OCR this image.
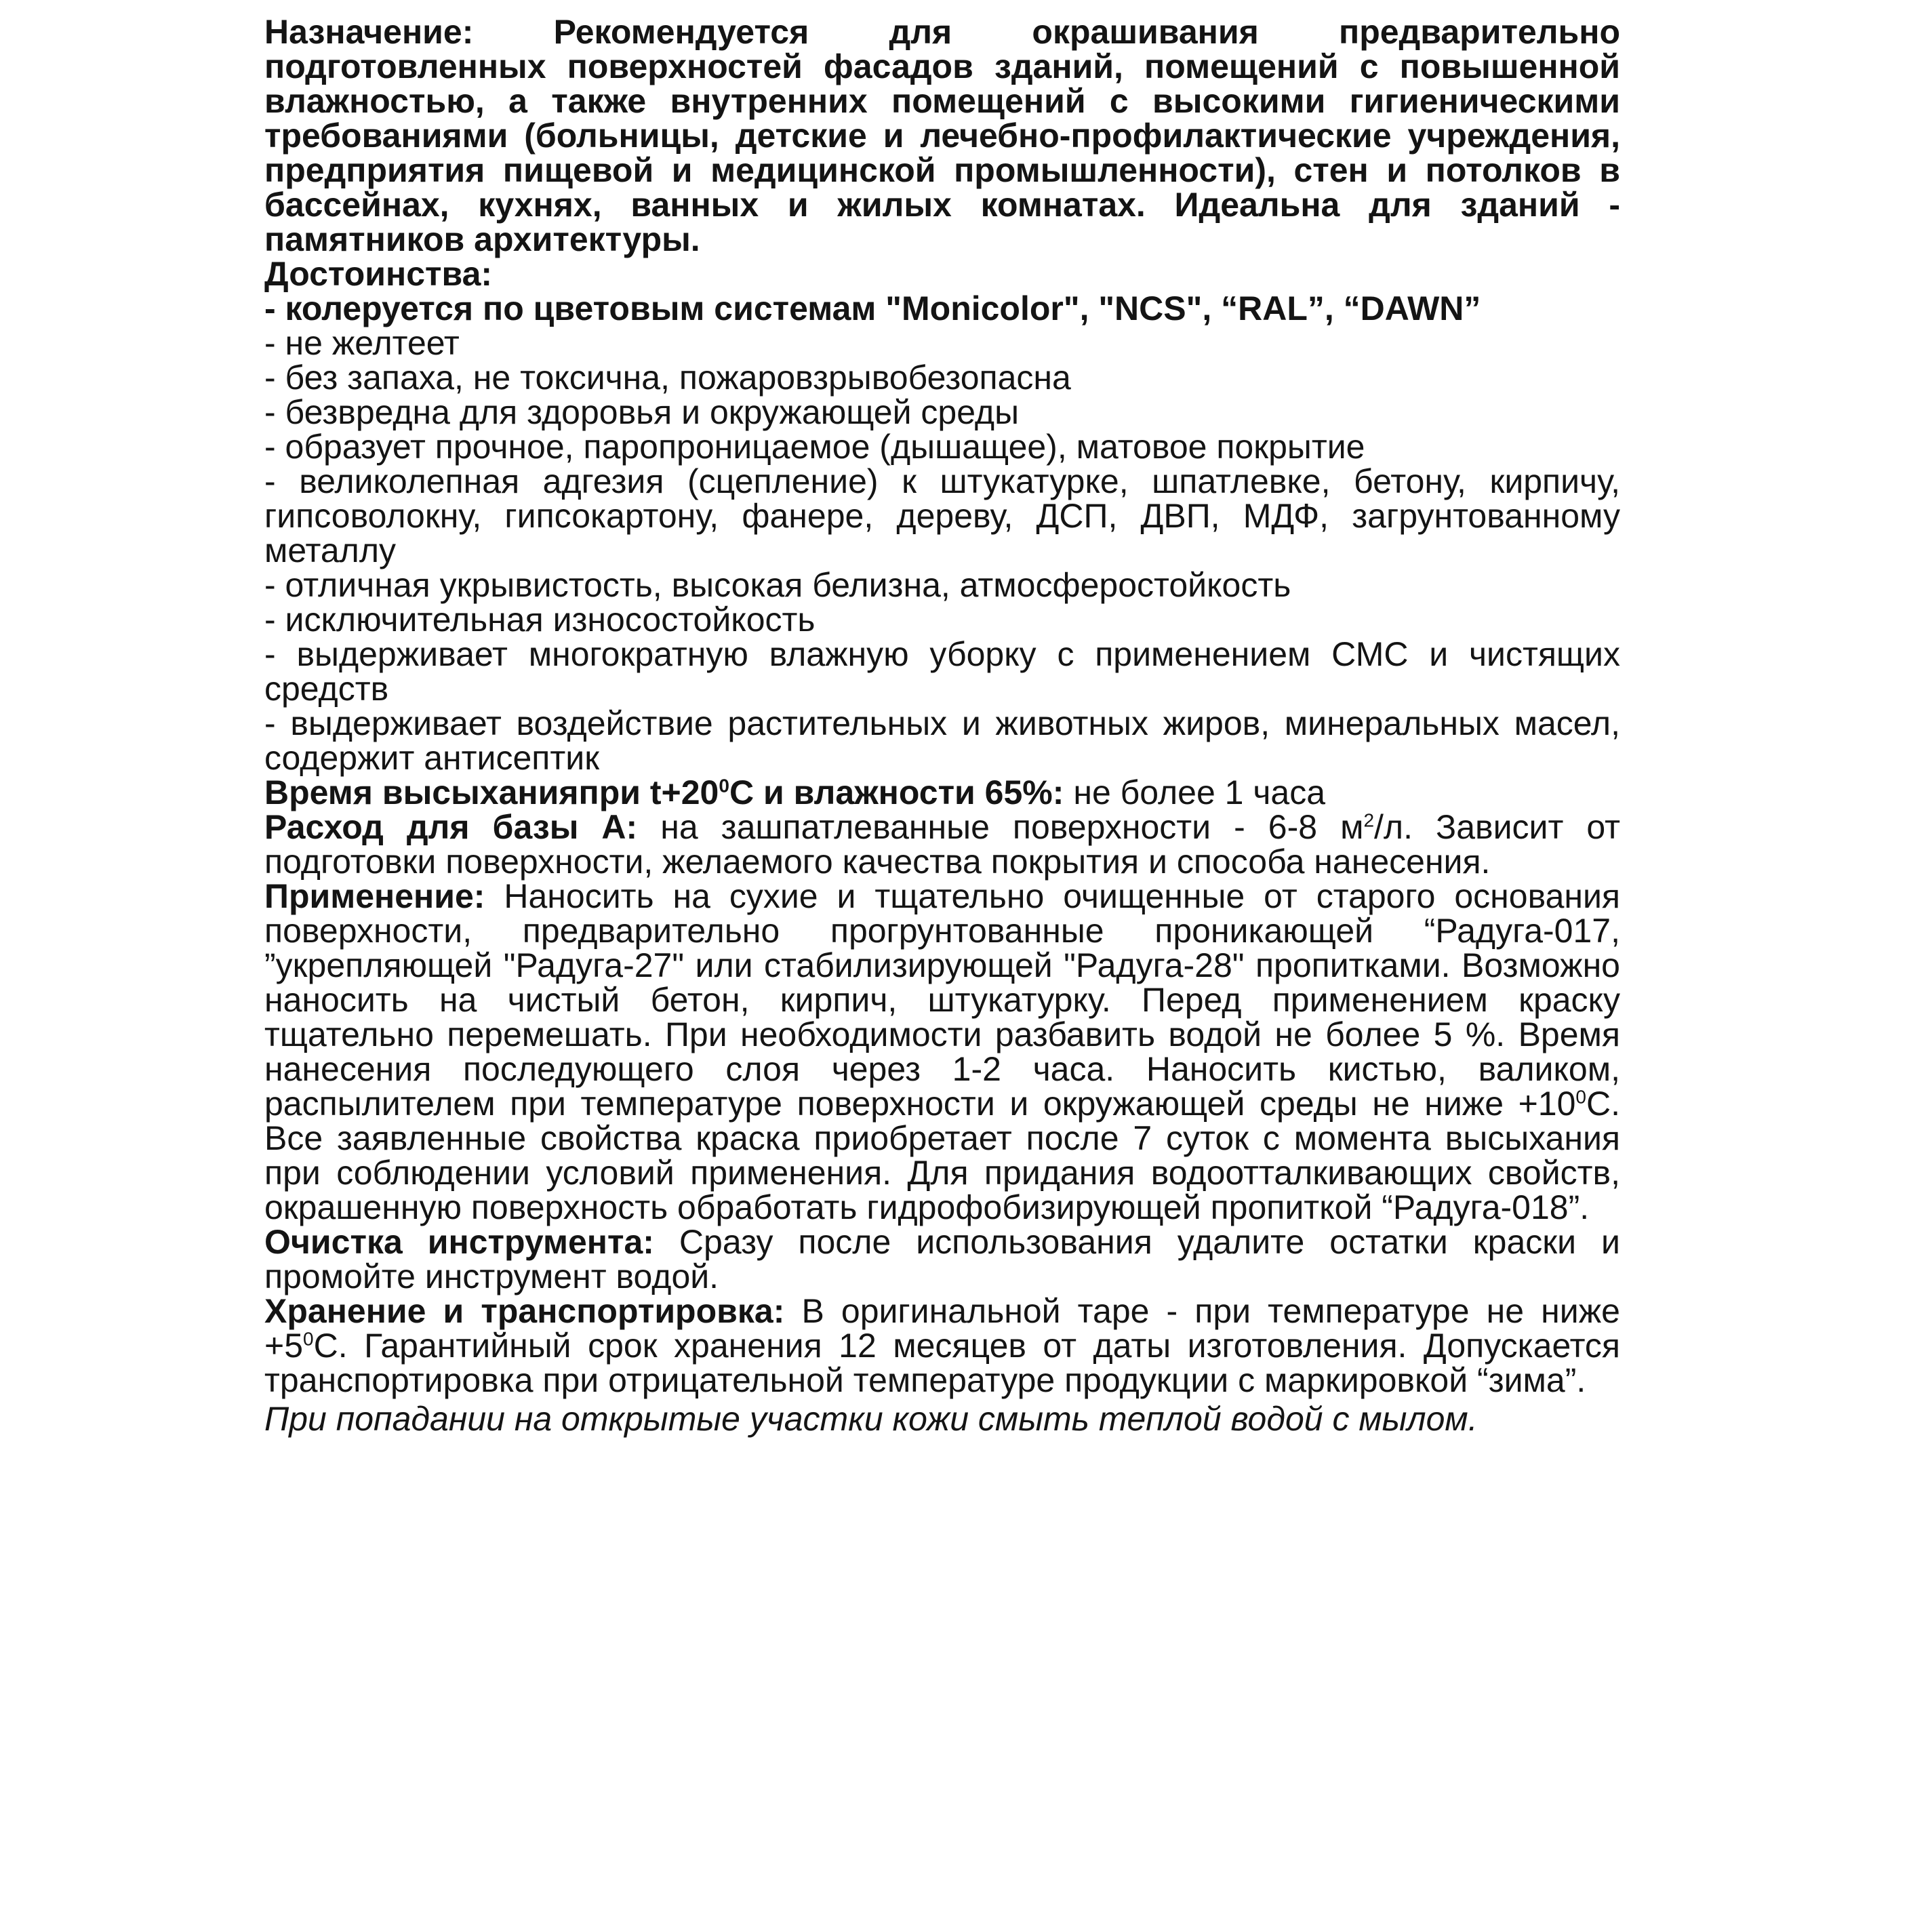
Назначение: Рекомендуется для окрашивания предварительно подготовленных поверхностей фасадов зданий, помещений с повышенной влажностью, а также внутренних помещений с высокими гигиеническими требованиями (больницы, детские и лечебно-профилактические учреждения, предприятия пищевой и медицинской промышленности), стен и потолков в бассейнах, кухнях, ванных и жилых комнатах. Идеальна для зданий - памятников архитектуры.

Достоинства:
- колеруется по цветовым системам "Monicolor", "NCS", “RAL”, “DAWN”
- не желтеет
- без запаха, не токсична, пожаровзрывобезопасна
- безвредна для здоровья и окружающей среды
- образует прочное, паропроницаемое (дышащее), матовое покрытие
- великолепная адгезия (сцепление) к штукатурке, шпатлевке, бетону, кирпичу, гипсоволокну, гипсокартону, фанере, дереву, ДСП, ДВП, МДФ, загрунтованному металлу
- отличная укрывистость, высокая белизна, атмосферостойкость
- исключительная износостойкость
- выдерживает многократную влажную уборку с применением СМС и чистящих средств
- выдерживает воздействие растительных и животных жиров, минеральных масел, содержит антисептик

Время высыханияпри $t+20^0С$ и влажности 65%: не более 1 часа

Расход для базы А: на зашпатлеванные поверхности - 6-8 $м^2/л$. Зависит от подготовки поверхности, желаемого качества покрытия и способа нанесения.

Применение: Наносить на сухие и тщательно очищенные от старого основания поверхности, предварительно прогрунтованные проникающей “Радуга-017, ”укрепляющей "Радуга-27" или стабилизирующей "Радуга-28" пропитками. Возможно наносить на чистый бетон, кирпич, штукатурку. Перед применением краску тщательно перемешать. При необходимости разбавить водой не более 5 %. Время нанесения последующего слоя через 1-2 часа. Наносить кистью, валиком, распылителем при температуре поверхности и окружающей среды не ниже $+10^0С$. Все заявленные свойства краска приобретает после 7 суток с момента высыхания при соблюдении условий применения. Для придания водоотталкивающих свойств, окрашенную поверхность обработать гидрофобизирующей пропиткой “Радуга-018”.

Очистка инструмента: Сразу после использования удалите остатки краски и промойте инструмент водой.

Хранение и транспортировка: В оригинальной таре - при температуре не ниже $+5^0С$. Гарантийный срок хранения 12 месяцев от даты изготовления. Допускается транспортировка при отрицательной температуре продукции с маркировкой “зима”.

При попадании на открытые участки кожи смыть теплой водой с мылом.
